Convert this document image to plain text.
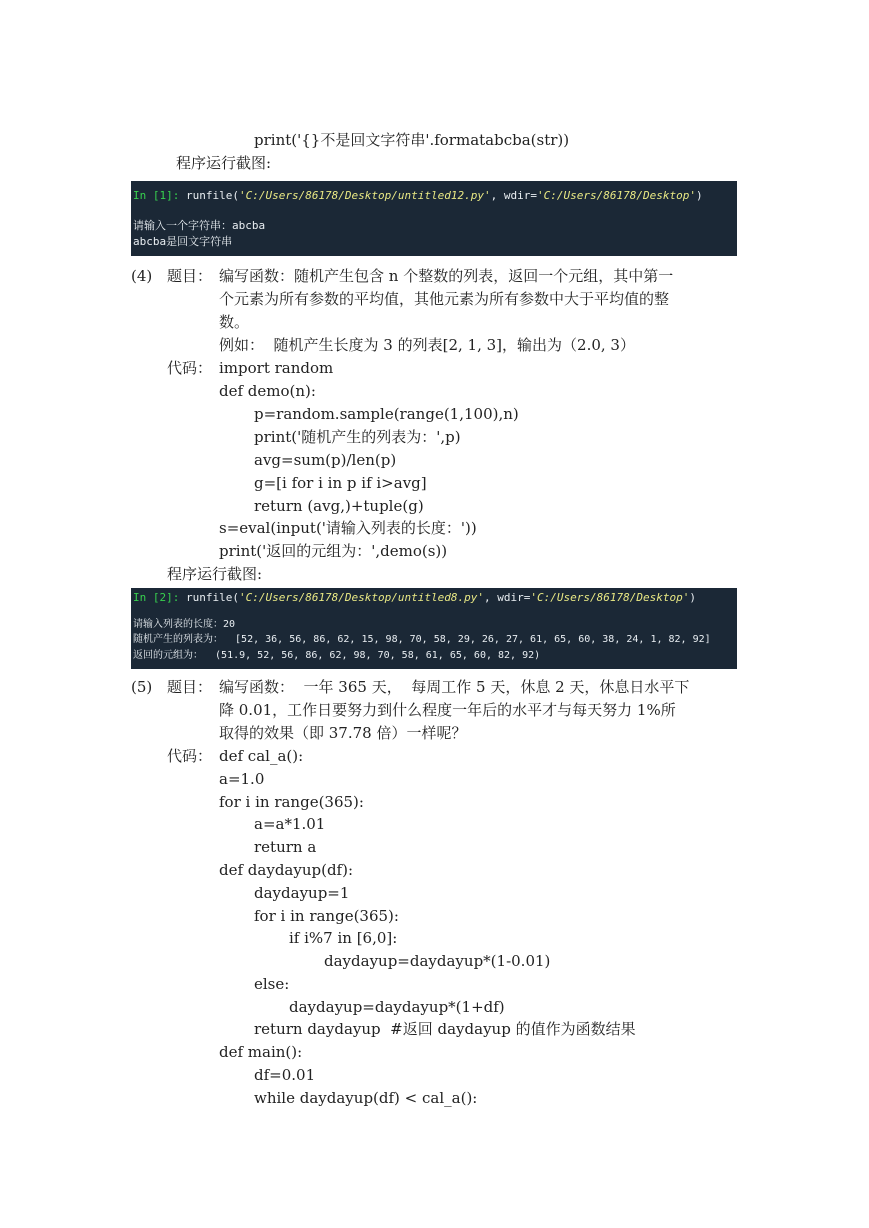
print('{}不是回文字符串'.formatabcba(str))
程序运行截图:
In [1]: runfile('C:/Users/86178/Desktop/untitled12.py', wdir='C:/Users/86178/Desktop')
请输入一个字符串：abcba
abcba是回文字符串
(4) 题目： 编写函数：随机产生包含 n 个整数的列表，返回一个元组，其中第一
个元素为所有参数的平均值，其他元素为所有参数中大于平均值的整
数。
例如：  随机产生长度为 3 的列表[2, 1, 3]，输出为（2.0, 3）
代码： import random
def demo(n):
p=random.sample(range(1,100),n)
print('随机产生的列表为：',p)
avg=sum(p)/len(p)
g=[i for i in p if i>avg]
return (avg,)+tuple(g)
s=eval(input('请输入列表的长度：'))
print('返回的元组为：',demo(s))
程序运行截图:
In [2]: runfile('C:/Users/86178/Desktop/untitled8.py', wdir='C:/Users/86178/Desktop')
请输入列表的长度：20
随机产生的列表为：  [52, 36, 56, 86, 62, 15, 98, 70, 58, 29, 26, 27, 61, 65, 60, 38, 24, 1, 82, 92]
返回的元组为：  (51.9, 52, 56, 86, 62, 98, 70, 58, 61, 65, 60, 82, 92)
(5) 题目： 编写函数：  一年 365 天，  每周工作 5 天，休息 2 天，休息日水平下
降 0.01，工作日要努力到什么程度一年后的水平才与每天努力 1%所
取得的效果（即 37.78 倍）一样呢？
代码： def cal_a():
a=1.0
for i in range(365):
a=a*1.01
return a
def daydayup(df):
daydayup=1
for i in range(365):
if i%7 in [6,0]:
daydayup=daydayup*(1-0.01)
else:
daydayup=daydayup*(1+df)
return daydayup  #返回 daydayup 的值作为函数结果
def main():
df=0.01
while daydayup(df) < cal_a():
